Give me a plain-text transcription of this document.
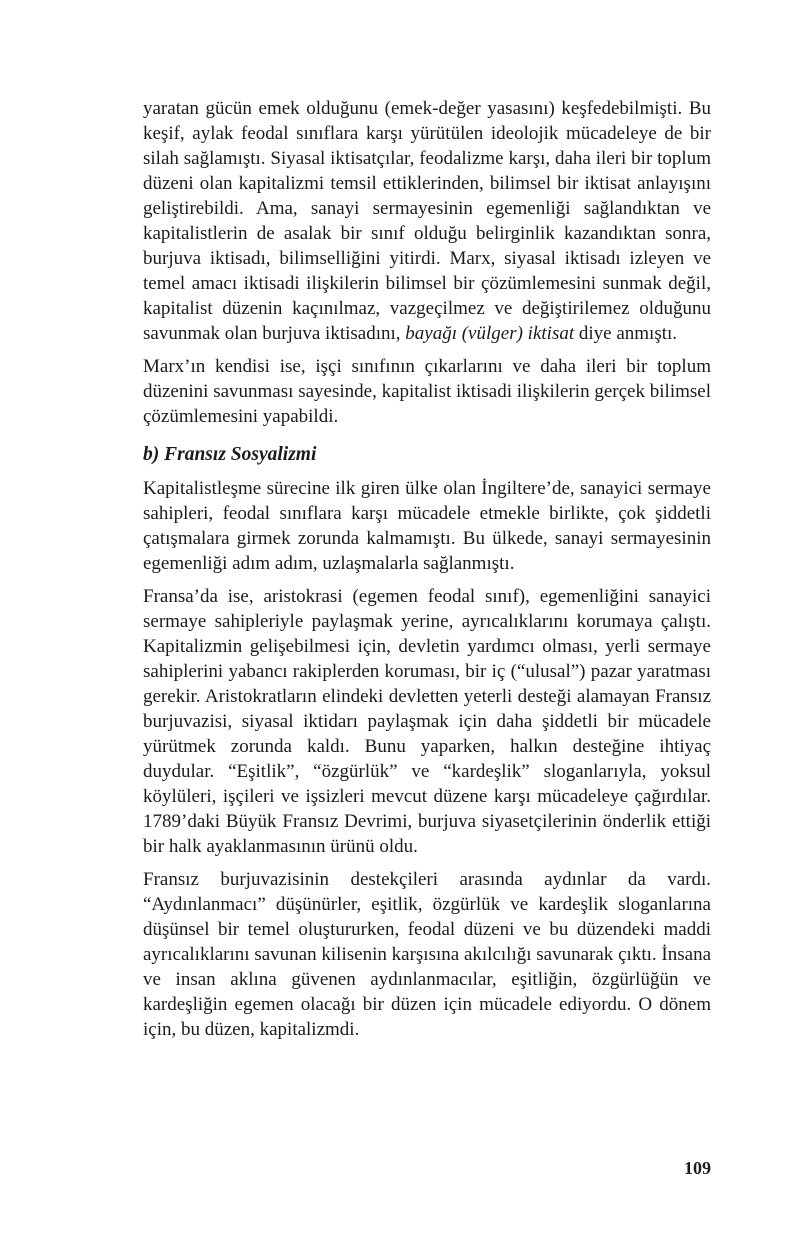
yaratan gücün emek olduğunu (emek-değer yasasını) keşfedebilmişti. Bu keşif, aylak feodal sınıflara karşı yürütülen ideolojik mücadeleye de bir silah sağlamıştı. Siyasal iktisatçılar, feodalizme karşı, daha ileri bir toplum düzeni olan kapitalizmi temsil ettiklerinden, bilimsel bir iktisat anlayışını geliştirebildi. Ama, sanayi sermayesinin egemenliği sağlandıktan ve kapitalistlerin de asalak bir sınıf olduğu belirginlik kazandıktan sonra, burjuva iktisadı, bilimselliğini yitirdi. Marx, siyasal iktisadı izleyen ve temel amacı iktisadi ilişkilerin bilimsel bir çözümlemesini sunmak değil, kapitalist düzenin kaçınılmaz, vazgeçilmez ve değiştirilemez olduğunu savunmak olan burjuva iktisadını, bayağı (vülger) iktisat diye anmıştı.

Marx’ın kendisi ise, işçi sınıfının çıkarlarını ve daha ileri bir toplum düzenini savunması sayesinde, kapitalist iktisadi ilişkilerin gerçek bilimsel çözümlemesini yapabildi.

b) Fransız Sosyalizmi

Kapitalistleşme sürecine ilk giren ülke olan İngiltere’de, sanayici sermaye sahipleri, feodal sınıflara karşı mücadele etmekle birlikte, çok şiddetli çatışmalara girmek zorunda kalmamıştı. Bu ülkede, sanayi sermayesinin egemenliği adım adım, uzlaşmalarla sağlanmıştı.

Fransa’da ise, aristokrasi (egemen feodal sınıf), egemenliğini sanayici sermaye sahipleriyle paylaşmak yerine, ayrıcalıklarını korumaya çalıştı. Kapitalizmin gelişebilmesi için, devletin yardımcı olması, yerli sermaye sahiplerini yabancı rakiplerden koruması, bir iç (“ulusal”) pazar yaratması gerekir. Aristokratların elindeki devletten yeterli desteği alamayan Fransız burjuvazisi, siyasal iktidarı paylaşmak için daha şiddetli bir mücadele yürütmek zorunda kaldı. Bunu yaparken, halkın desteğine ihtiyaç duydular. “Eşitlik”, “özgürlük” ve “kardeşlik” sloganlarıyla, yoksul köylüleri, işçileri ve işsizleri mevcut düzene karşı mücadeleye çağırdılar. 1789’daki Büyük Fransız Devrimi, burjuva siyasetçilerinin önderlik ettiği bir halk ayaklanmasının ürünü oldu.

Fransız burjuvazisinin destekçileri arasında aydınlar da vardı. “Aydınlanmacı” düşünürler, eşitlik, özgürlük ve kardeşlik sloganlarına düşünsel bir temel oluştururken, feodal düzeni ve bu düzendeki maddi ayrıcalıklarını savunan kilisenin karşısına akılcılığı savunarak çıktı. İnsana ve insan aklına güvenen aydınlanmacılar, eşitliğin, özgürlüğün ve kardeşliğin egemen olacağı bir düzen için mücadele ediyordu. O dönem için, bu düzen, kapitalizmdi.

109
